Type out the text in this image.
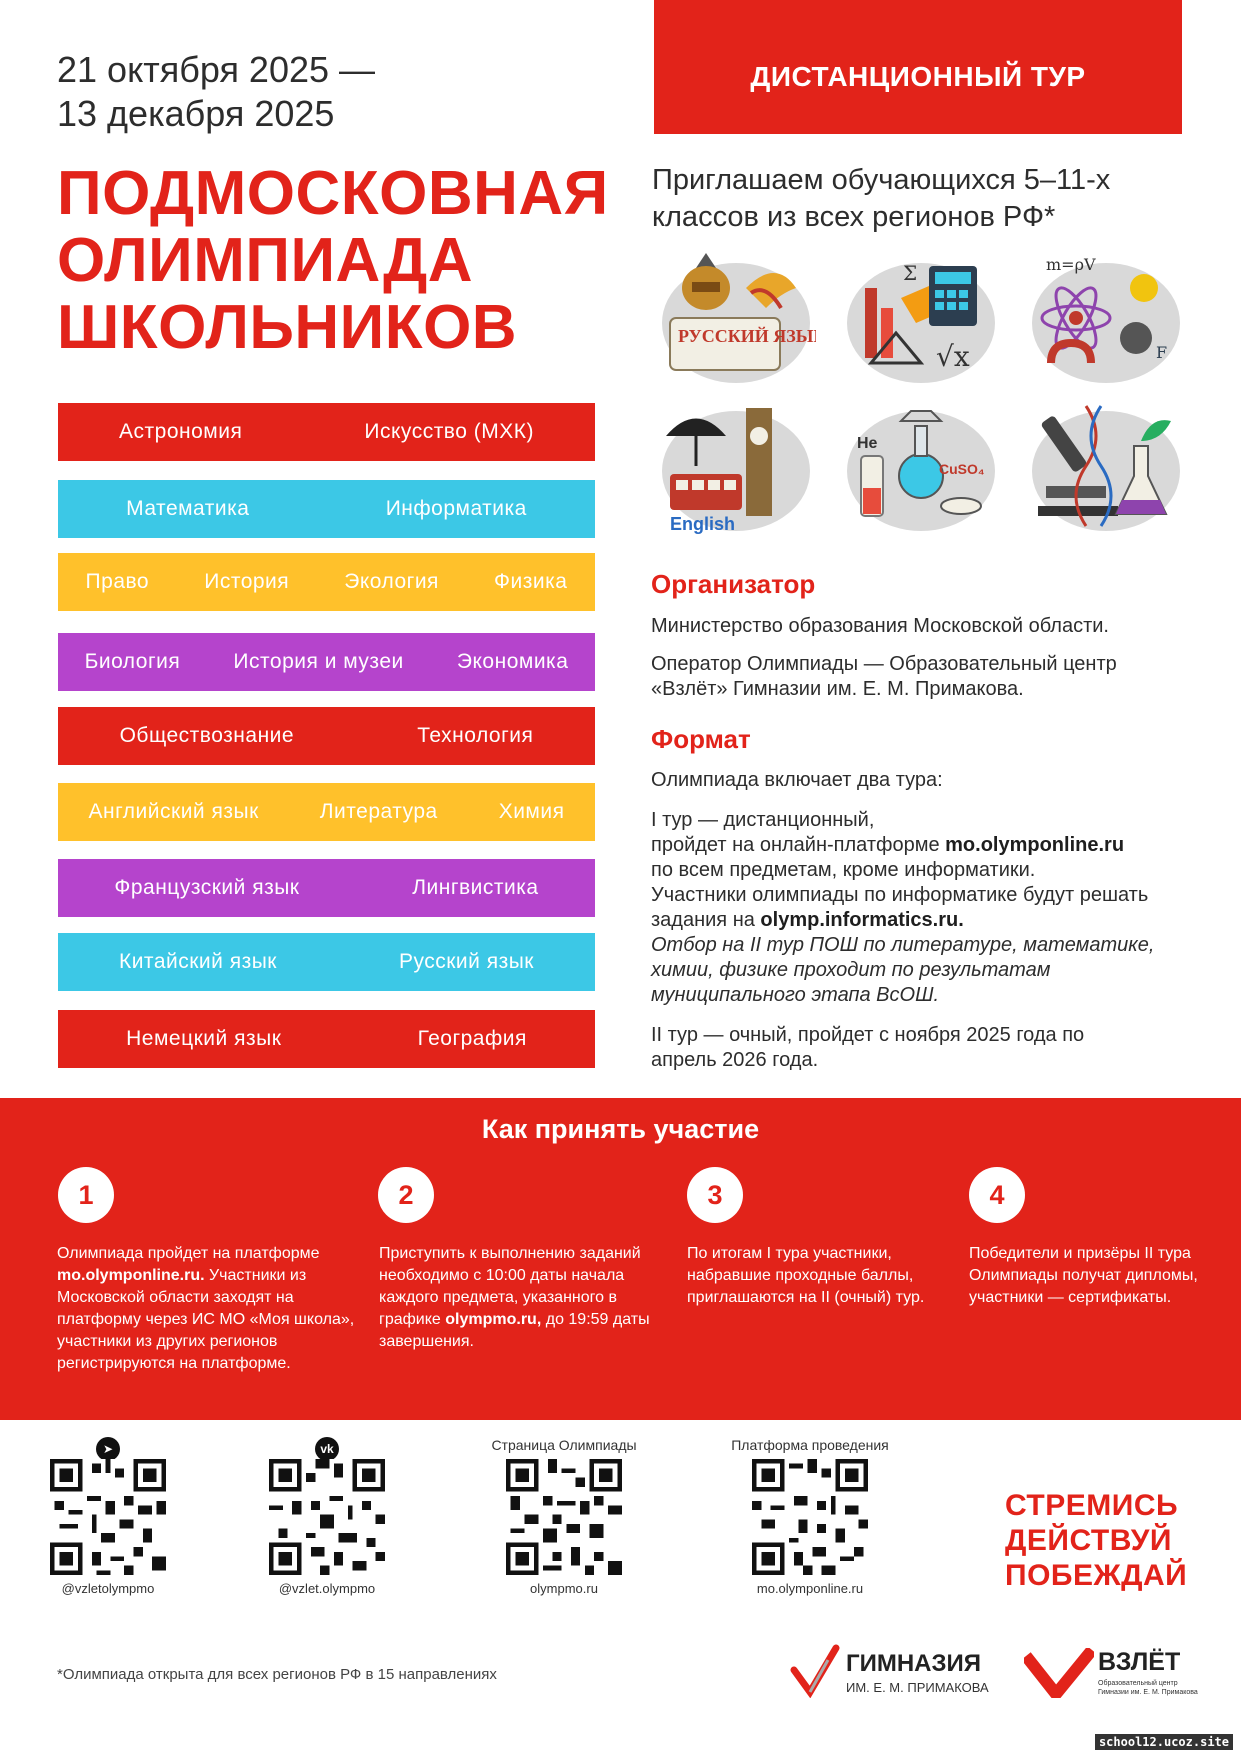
21 октября 2025 —
13 декабря 2025
ПОДМОСКОВНАЯ
ОЛИМПИАДА
ШКОЛЬНИКОВ
ДИСТАНЦИОННЫЙ ТУР
Приглашаем обучающихся 5–11-х классов из всех регионов РФ*
Астрономия	Искусство (МХК)
Математика	Информатика
Право	История	Экология	Физика
Биология	История и музеи	Экономика
Обществознание	Технология
Английский язык	Литература	Химия
Французский язык	Лингвистика
Китайский язык	Русский язык
Немецкий язык	География
РУССКИЙ ЯЗЫК
Σ
√x
m=ρV
F
English
He
CuSO₄
Организатор
Министерство образования Московской области.
Оператор Олимпиады — Образовательный центр «Взлёт» Гимназии им. Е. М. Примакова.
Формат
Олимпиада включает два тура:
I тур — дистанционный,
пройдет на онлайн-платформе mo.olymponline.ru
по всем предметам, кроме информатики.
Участники олимпиады по информатике будут решать задания на olymp.informatics.ru.
Отбор на II тур ПОШ по литературе, математике, химии, физике проходит по результатам муниципального этапа ВсОШ.
II тур — очный, пройдет с ноября 2025 года по апрель 2026 года.
Как принять участие
1
Олимпиада пройдет на платформе mo.olymponline.ru. Участники из Московской области заходят на платформу через ИС МО «Моя школа», участники из других регионов регистрируются на платформе.
2
Приступить к выполнению заданий необходимо с 10:00 даты начала каждого предмета, указанного в графике olympmo.ru, до 19:59 даты завершения.
3
По итогам I тура участники, набравшие проходные баллы, приглашаются на II (очный) тур.
4
Победители и призёры II тура Олимпиады получат дипломы, участники — сертификаты.
➤
@vzletolympmo
vk
@vzlet.olympmo
Страница Олимпиады
olympmo.ru
Платформа проведения
mo.olymponline.ru
СТРЕМИСЬ
ДЕЙСТВУЙ
ПОБЕЖДАЙ
*Олимпиада открыта для всех регионов РФ в 15 направлениях	ГИМНАЗИЯ
ИМ. Е. М. ПРИМАКОВА
ВЗЛЁТ
Образовательный центр
Гимназии им. Е. М. Примакова
school12.ucoz.site
